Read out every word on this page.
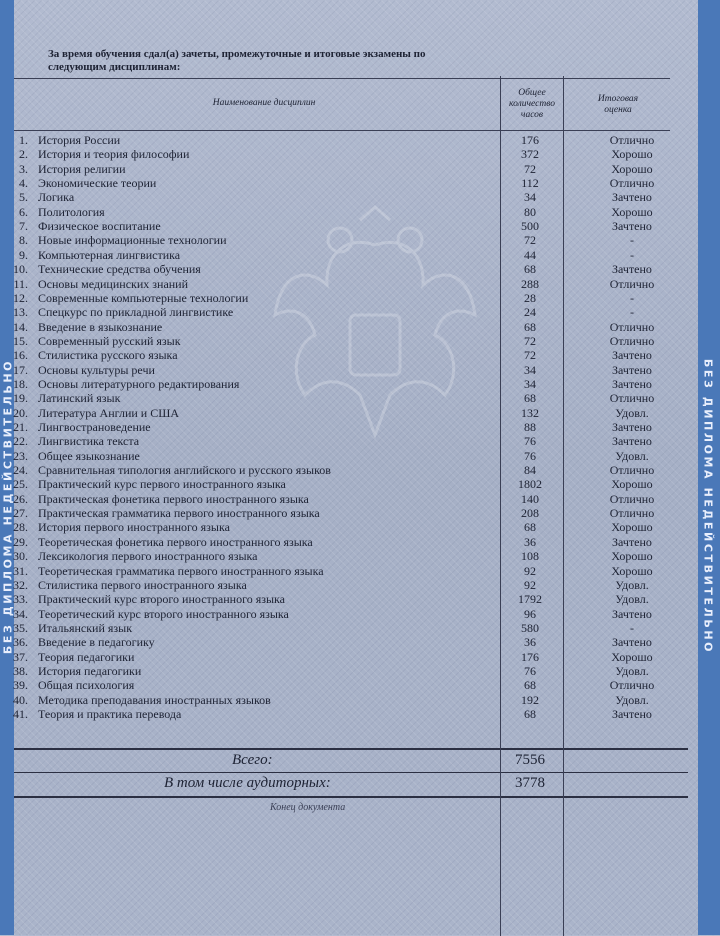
БЕЗ ДИПЛОМА НЕДЕЙСТВИТЕЛЬНО	БЕЗ ДИПЛОМА НЕДЕЙСТВИТЕЛЬНО
За время обучения сдал(а) зачеты, промежуточные и итоговые экзамены по следующим дисциплинам:
Наименование дисциплин
Общее количество часов
Итоговая оценка
1. История России	176	Отлично
2. История и теория философии	372	Хорошо
3. История религии	72	Хорошо
4. Экономические теории	112	Отлично
5. Логика	34	Зачтено
6. Политология	80	Хорошо
7. Физическое воспитание	500	Зачтено
8. Новые информационные технологии	72	-
9. Компьютерная лингвистика	44	-
10. Технические средства обучения	68	Зачтено
11. Основы медицинских знаний	288	Отлично
12. Современные компьютерные технологии	28	-
13. Спецкурс по прикладной лингвистике	24	-
14. Введение в языкознание	68	Отлично
15. Современный русский язык	72	Отлично
16. Стилистика русского языка	72	Зачтено
17. Основы культуры речи	34	Зачтено
18. Основы литературного редактирования	34	Зачтено
19. Латинский язык	68	Отлично
20. Литература Англии и США	132	Удовл.
21. Лингвострановедение	88	Зачтено
22. Лингвистика текста	76	Зачтено
23. Общее языкознание	76	Удовл.
24. Сравнительная типология английского и русского языков	84	Отлично
25. Практический курс первого иностранного языка	1802	Хорошо
26. Практическая фонетика первого иностранного языка	140	Отлично
27. Практическая грамматика первого иностранного языка	208	Отлично
28. История первого иностранного языка	68	Хорошо
29. Теоретическая фонетика первого иностранного языка	36	Зачтено
30. Лексикология первого иностранного языка	108	Хорошо
31. Теоретическая грамматика первого иностранного языка	92	Хорошо
32. Стилистика первого иностранного языка	92	Удовл.
33. Практический курс второго иностранного языка	1792	Удовл.
34. Теоретический курс второго иностранного языка	96	Зачтено
35. Итальянский язык	580	-
36. Введение в педагогику	36	Зачтено
37. Теория педагогики	176	Хорошо
38. История педагогики	76	Удовл.
39. Общая психология	68	Отлично
40. Методика преподавания иностранных языков	192	Удовл.
41. Теория и практика перевода	68	Зачтено
Всего:	7556
В том числе аудиторных:	3778
Конец документа
